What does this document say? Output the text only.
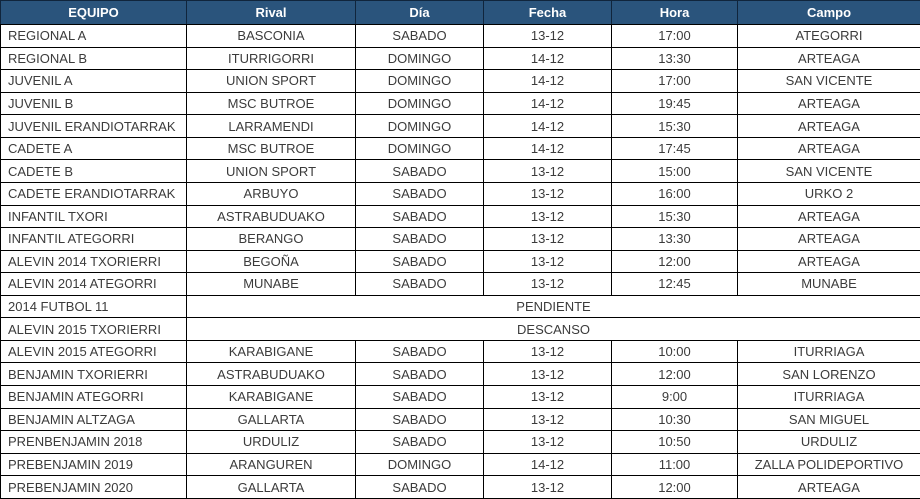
EQUIPO	Rival	Día	Fecha	Hora	Campo
REGIONAL A	BASCONIA	SABADO	13-12	17:00	ATEGORRI
REGIONAL B	ITURRIGORRI	DOMINGO	14-12	13:30	ARTEAGA
JUVENIL A	UNION SPORT	DOMINGO	14-12	17:00	SAN VICENTE
JUVENIL B	MSC BUTROE	DOMINGO	14-12	19:45	ARTEAGA
JUVENIL ERANDIOTARRAK	LARRAMENDI	DOMINGO	14-12	15:30	ARTEAGA
CADETE A	MSC BUTROE	DOMINGO	14-12	17:45	ARTEAGA
CADETE B	UNION SPORT	SABADO	13-12	15:00	SAN VICENTE
CADETE ERANDIOTARRAK	ARBUYO	SABADO	13-12	16:00	URKO 2
INFANTIL TXORI	ASTRABUDUAKO	SABADO	13-12	15:30	ARTEAGA
INFANTIL ATEGORRI	BERANGO	SABADO	13-12	13:30	ARTEAGA
ALEVIN 2014 TXORIERRI	BEGOÑA	SABADO	13-12	12:00	ARTEAGA
ALEVIN 2014 ATEGORRI	MUNABE	SABADO	13-12	12:45	MUNABE
2014 FUTBOL 11	PENDIENTE				
ALEVIN 2015 TXORIERRI	DESCANSO				
ALEVIN 2015 ATEGORRI	KARABIGANE	SABADO	13-12	10:00	ITURRIAGA
BENJAMIN TXORIERRI	ASTRABUDUAKO	SABADO	13-12	12:00	SAN LORENZO
BENJAMIN ATEGORRI	KARABIGANE	SABADO	13-12	9:00	ITURRIAGA
BENJAMIN ALTZAGA	GALLARTA	SABADO	13-12	10:30	SAN MIGUEL
PRENBENJAMIN 2018	URDULIZ	SABADO	13-12	10:50	URDULIZ
PREBENJAMIN 2019	ARANGUREN	DOMINGO	14-12	11:00	ZALLA POLIDEPORTIVO
PREBENJAMIN 2020	GALLARTA	SABADO	13-12	12:00	ARTEAGA
